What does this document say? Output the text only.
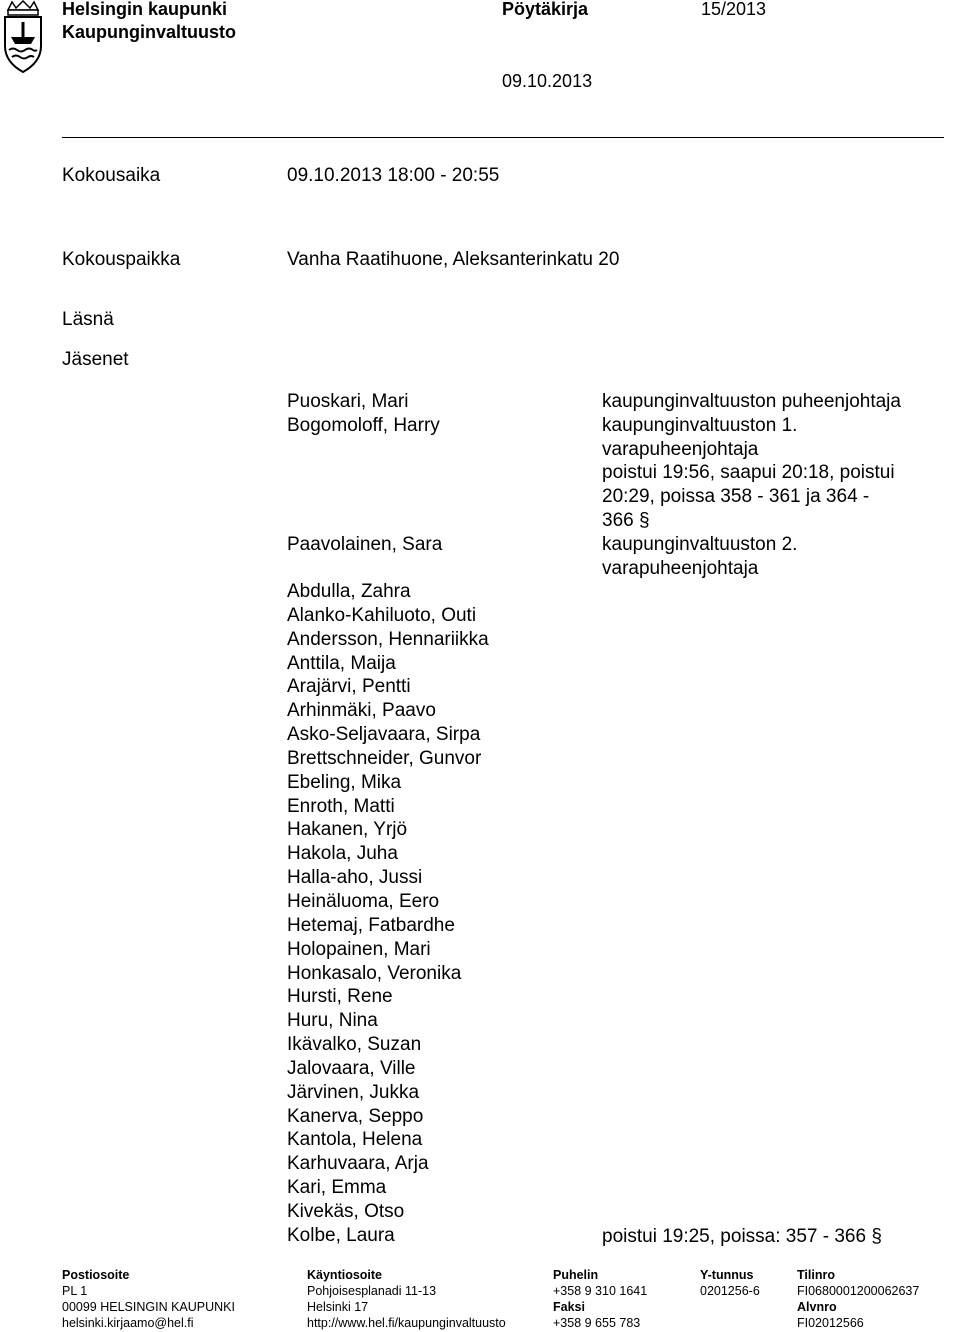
Helsingin kaupunki
Kaupunginvaltuusto
Pöytäkirja	15/2013
09.10.2013
Kokousaika	09.10.2013 18:00 - 20:55
Kokouspaikka	Vanha Raatihuone, Aleksanterinkatu 20
Läsnä
Jäsenet
Puoskari, Mari	kaupunginvaltuuston puheenjohtaja
Bogomoloff, Harry	kaupunginvaltuuston 1. varapuheenjohtaja
poistui 19:56, saapui 20:18, poistui 20:29, poissa 358 - 361 ja 364 - 366 §
Paavolainen, Sara	kaupunginvaltuuston 2. varapuheenjohtaja
Abdulla, Zahra
Alanko-Kahiluoto, Outi
Andersson, Hennariikka
Anttila, Maija
Arajärvi, Pentti
Arhinmäki, Paavo
Asko-Seljavaara, Sirpa
Brettschneider, Gunvor
Ebeling, Mika
Enroth, Matti
Hakanen, Yrjö
Hakola, Juha
Halla-aho, Jussi
Heinäluoma, Eero
Hetemaj, Fatbardhe
Holopainen, Mari
Honkasalo, Veronika
Hursti, Rene
Huru, Nina
Ikävalko, Suzan
Jalovaara, Ville
Järvinen, Jukka
Kanerva, Seppo
Kantola, Helena
Karhuvaara, Arja
Kari, Emma
Kivekäs, Otso
Kolbe, Laura	poistui 19:25, poissa: 357 - 366 §
Postiosoite
PL 1
00099 HELSINGIN KAUPUNKI
helsinki.kirjaamo@hel.fi
Käyntiosoite
Pohjoisesplanadi 11-13
Helsinki 17
http://www.hel.fi/kaupunginvaltuusto
Puhelin
+358 9 310 1641
Faksi
+358 9 655 783
Y-tunnus
0201256-6
Tilinro
FI0680001200062637
Alvnro
FI02012566
